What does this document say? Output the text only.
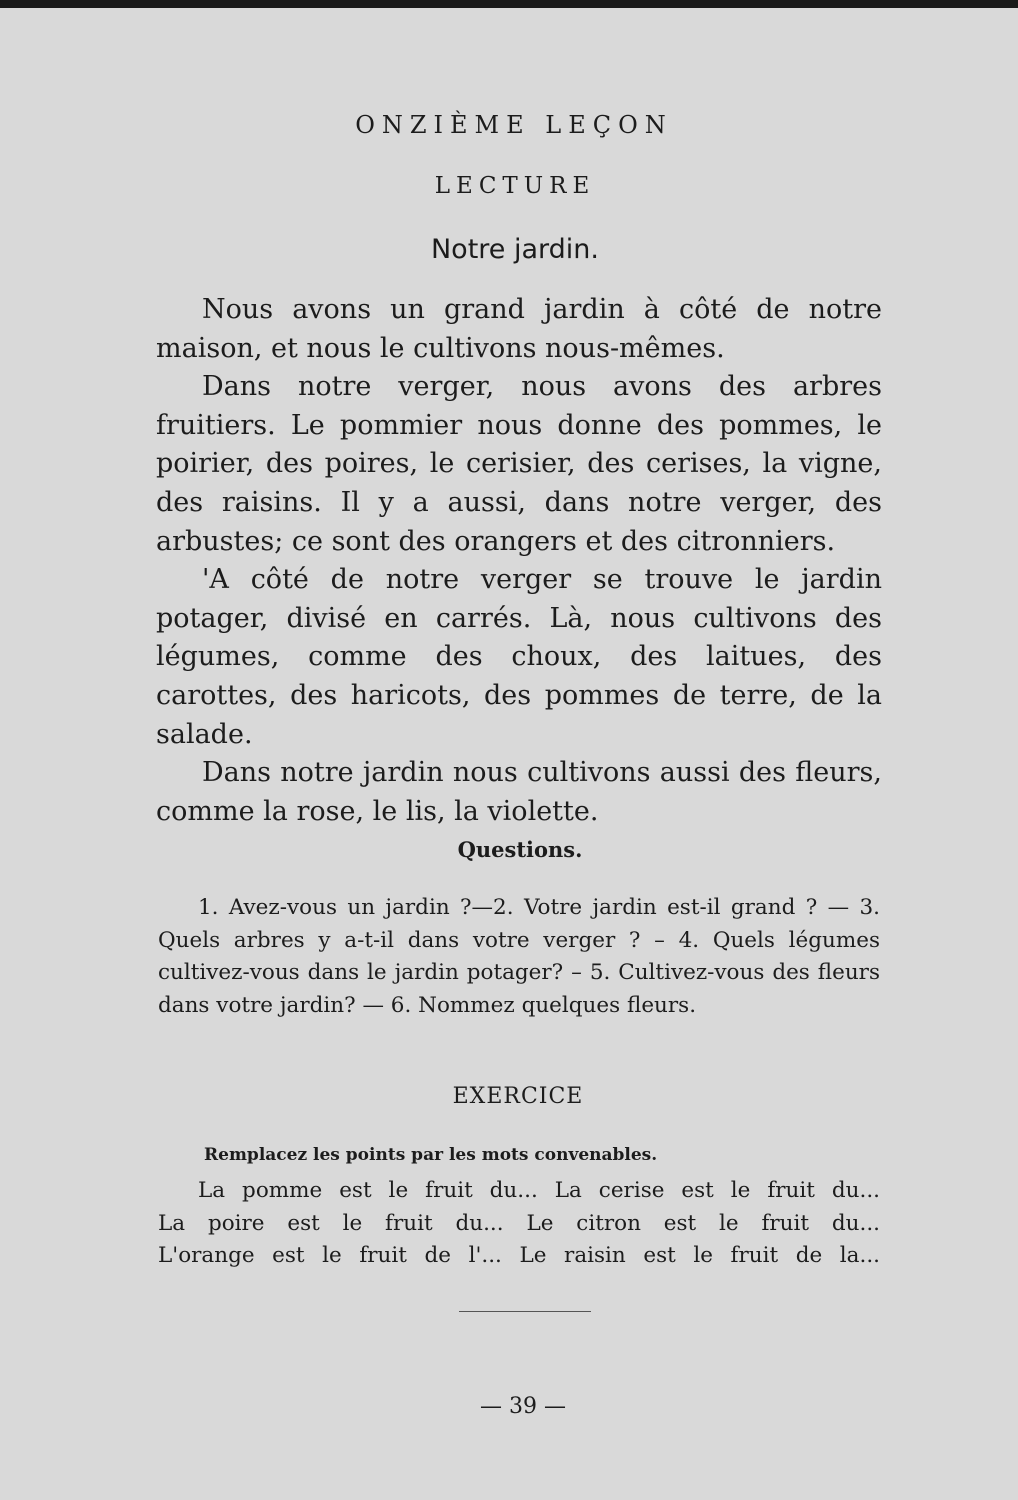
ONZIÈME LEÇON
LECTURE
Notre jardin.

Nous avons un grand jardin à côté de notre maison, et nous le cultivons nous-mêmes.

Dans notre verger, nous avons des arbres fruitiers. Le pommier nous donne des pommes, le poirier, des poires, le cerisier, des cerises, la vigne, des raisins. Il y a aussi, dans notre verger, des arbustes; ce sont des orangers et des citronniers.

'A côté de notre verger se trouve le jardin potager, divisé en carrés. Là, nous cultivons des légumes, comme des choux, des laitues, des carottes, des haricots, des pommes de terre, de la salade.

Dans notre jardin nous cultivons aussi des fleurs, comme la rose, le lis, la violette.

Questions.

1. Avez-vous un jardin ?—2. Votre jardin est-il grand ? — 3. Quels arbres y a-t-il dans votre verger ? – 4. Quels légumes cultivez-vous dans le jardin potager? – 5. Cultivez-vous des fleurs dans votre jardin? — 6. Nommez quelques fleurs.

EXERCICE
Remplacez les points par les mots convenables.

La pomme est le fruit du... La cerise est le fruit du...

La poire est le fruit du... Le citron est le fruit du...

L'orange est le fruit de l'... Le raisin est le fruit de la...

— 39 —
